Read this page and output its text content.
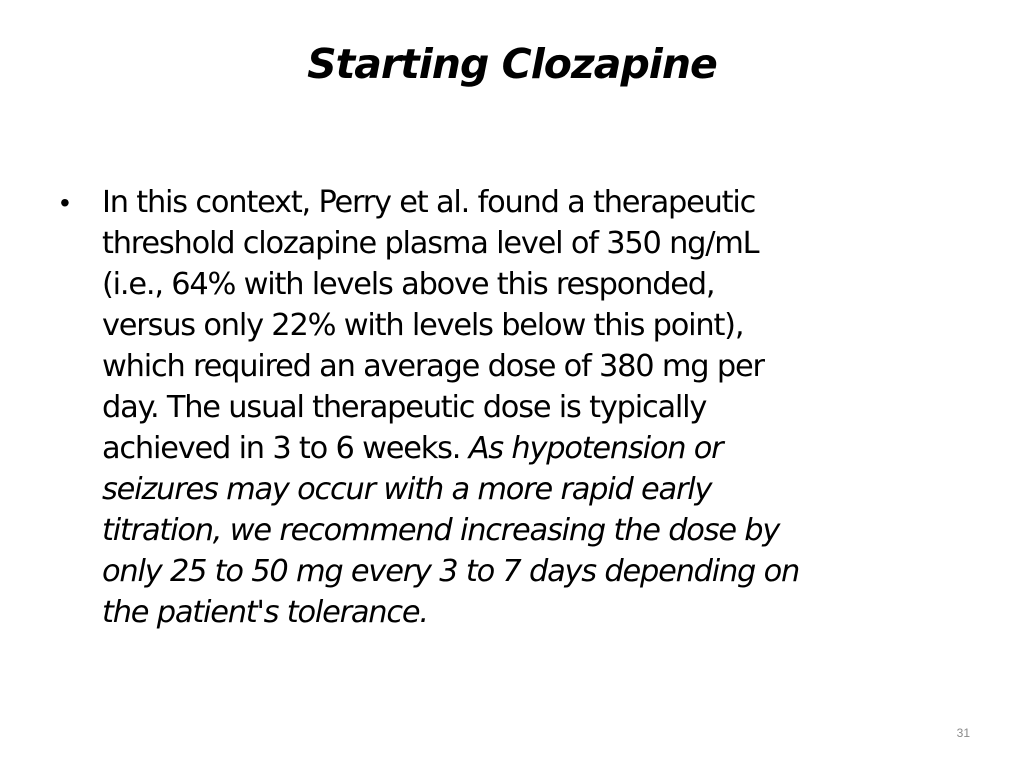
Starting Clozapine
•	In this context, Perry et al. found a therapeutic
threshold clozapine plasma level of 350 ng/mL
(i.e., 64% with levels above this responded,
versus only 22% with levels below this point),
which required an average dose of 380 mg per
day. The usual therapeutic dose is typically
achieved in 3 to 6 weeks. As hypotension or
seizures may occur with a more rapid early
titration, we recommend increasing the dose by
only 25 to 50 mg every 3 to 7 days depending on
the patient's tolerance.
31
